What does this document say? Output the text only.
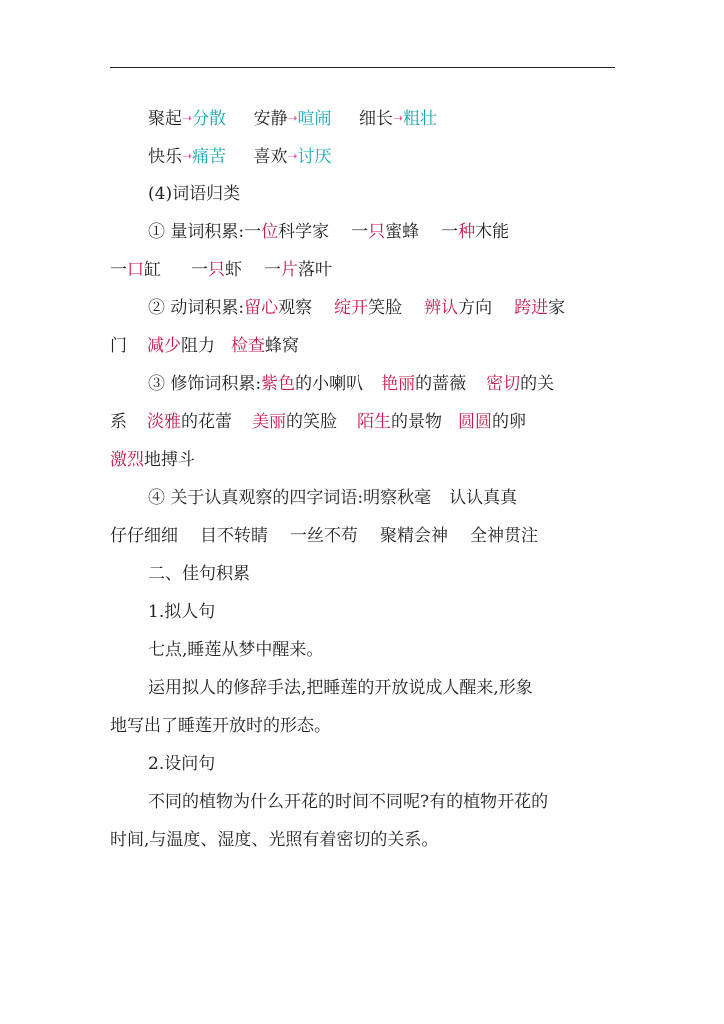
聚起➝分散 安静➝喧闹 细长➝粗壮
快乐➝痛苦 喜欢➝讨厌
(4)词语归类
① 量词积累:一位科学家 一只蜜蜂 一种木能
一口缸 一只虾 一片落叶
② 动词积累:留心观察 绽开笑脸 辨认方向 跨进家
门 减少阻力 检查蜂窝
③ 修饰词积累:紫色的小喇叭 艳丽的蔷薇 密切的关
系 淡雅的花蕾 美丽的笑脸 陌生的景物 圆圆的卵
激烈地搏斗
④ 关于认真观察的四字词语:明察秋毫 认认真真
仔仔细细 目不转睛 一丝不苟 聚精会神 全神贯注
二、佳句积累
1.拟人句
七点,睡莲从梦中醒来。
运用拟人的修辞手法,把睡莲的开放说成人醒来,形象
地写出了睡莲开放时的形态。
2.设问句
不同的植物为什么开花的时间不同呢?有的植物开花的
时间,与温度、湿度、光照有着密切的关系。
